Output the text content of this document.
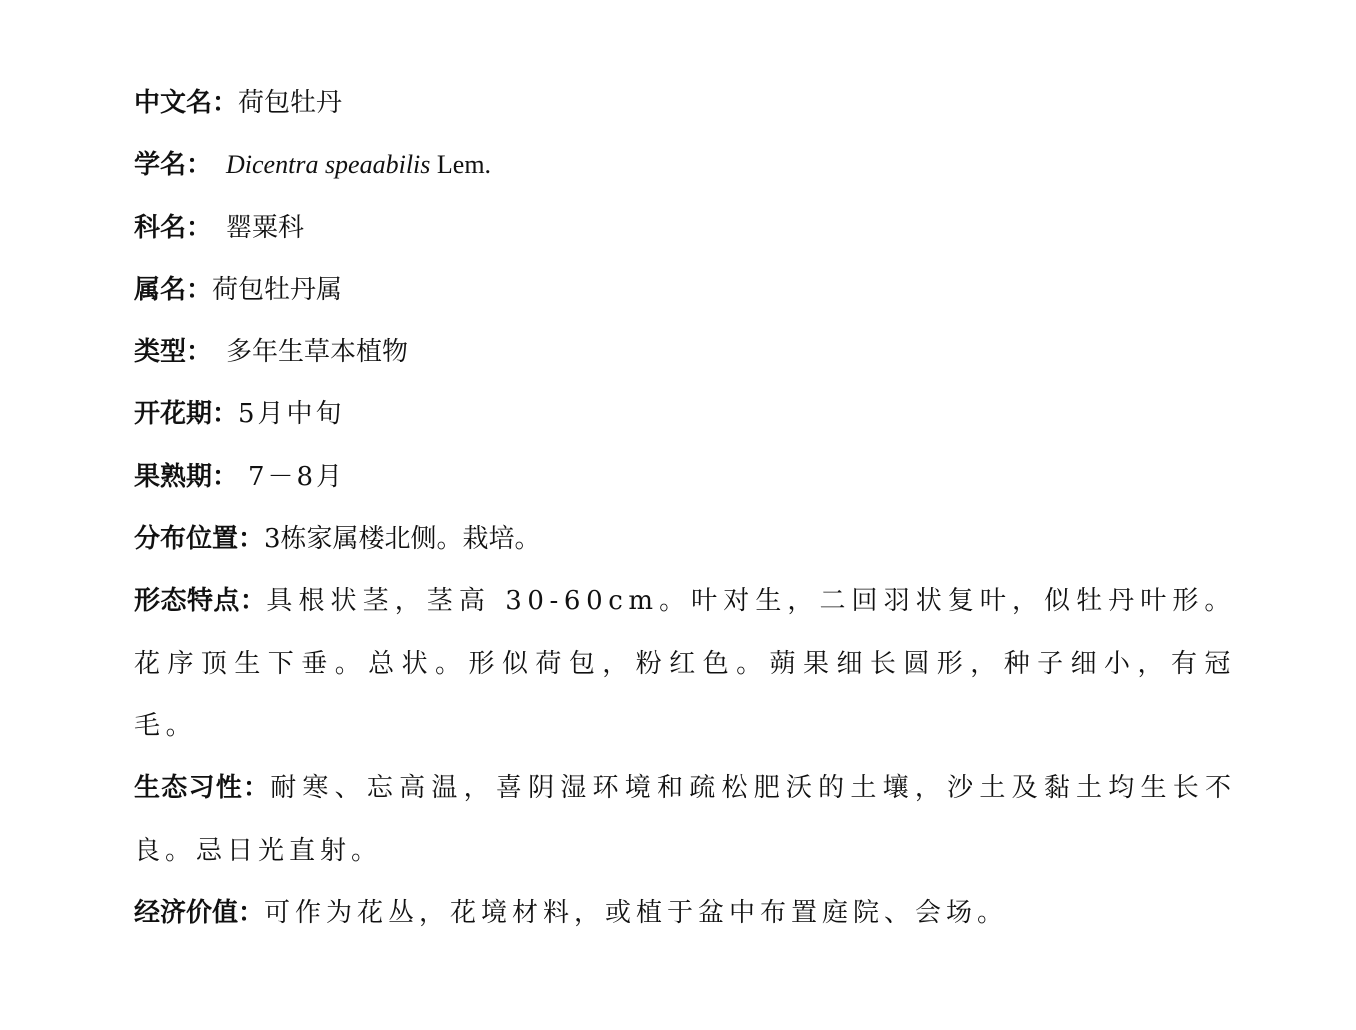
中文名：荷包牡丹
学名： Dicentra speaabilis Lem.
科名： 罂粟科
属名：荷包牡丹属
类型： 多年生草本植物
开花期：5月中旬
果熟期： 7－8月
分布位置：3栋家属楼北侧。栽培。
形态特点：具根状茎，茎高 30-60cm。叶对生，二回羽状复叶，似牡丹叶形。花序顶生下垂。总状。形似荷包，粉红色。蒴果细长圆形，种子细小，有冠毛。
生态习性：耐寒、忘高温，喜阴湿环境和疏松肥沃的土壤，沙土及黏土均生长不良。忌日光直射。
经济价值：可作为花丛，花境材料，或植于盆中布置庭院、会场。
